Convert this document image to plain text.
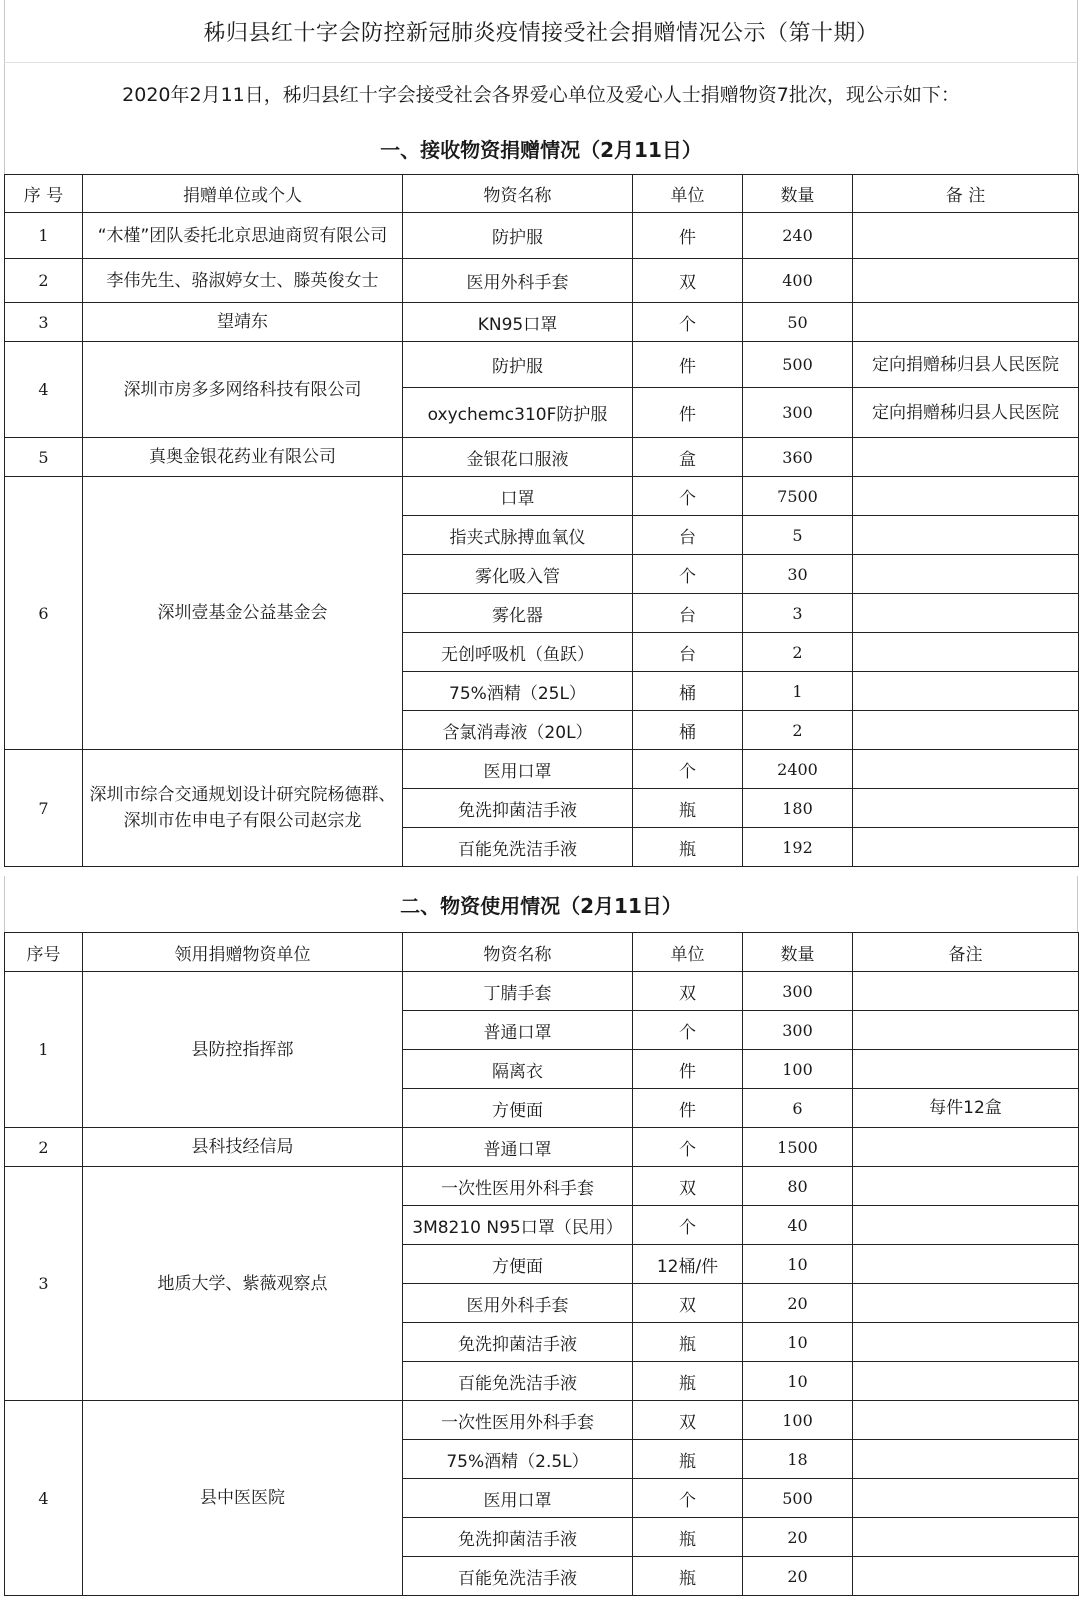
秭归县红十字会防控新冠肺炎疫情接受社会捐赠情况公示（第十期）
2020年2月11日，秭归县红十字会接受社会各界爱心单位及爱心人士捐赠物资7批次，现公示如下：
一、接收物资捐赠情况（2月11日）
序 号	捐赠单位或个人	物资名称	单位	数量	备 注
1	“木槿”团队委托北京思迪商贸有限公司	防护服	件	240	
2	李伟先生、骆淑婷女士、滕英俊女士	医用外科手套	双	400	
3	望靖东	KN95口罩	个	50	
4	深圳市房多多网络科技有限公司	防护服	件	500	定向捐赠秭归县人民医院
		oxychemc310F防护服	件	300	定向捐赠秭归县人民医院
5	真奥金银花药业有限公司	金银花口服液	盒	360	
6	深圳壹基金公益基金会	口罩	个	7500	
		指夹式脉搏血氧仪	台	5	
		雾化吸入管	个	30	
		雾化器	台	3	
		无创呼吸机（鱼跃）	台	2	
		75%酒精（25L）	桶	1	
		含氯消毒液（20L）	桶	2	
7	深圳市综合交通规划设计研究院杨德群、深圳市佐申电子有限公司赵宗龙	医用口罩	个	2400	
		免洗抑菌洁手液	瓶	180	
		百能免洗洁手液	瓶	192	
二、物资使用情况（2月11日）
序号	领用捐赠物资单位	物资名称	单位	数量	备注
1	县防控指挥部	丁腈手套	双	300	
		普通口罩	个	300	
		隔离衣	件	100	
		方便面	件	6	每件12盒
2	县科技经信局	普通口罩	个	1500	
3	地质大学、紫薇观察点	一次性医用外科手套	双	80	
		3M8210 N95口罩（民用）	个	40	
		方便面	12桶/件	10	
		医用外科手套	双	20	
		免洗抑菌洁手液	瓶	10	
		百能免洗洁手液	瓶	10	
4	县中医医院	一次性医用外科手套	双	100	
		75%酒精（2.5L）	瓶	18	
		医用口罩	个	500	
		免洗抑菌洁手液	瓶	20	
		百能免洗洁手液	瓶	20	
